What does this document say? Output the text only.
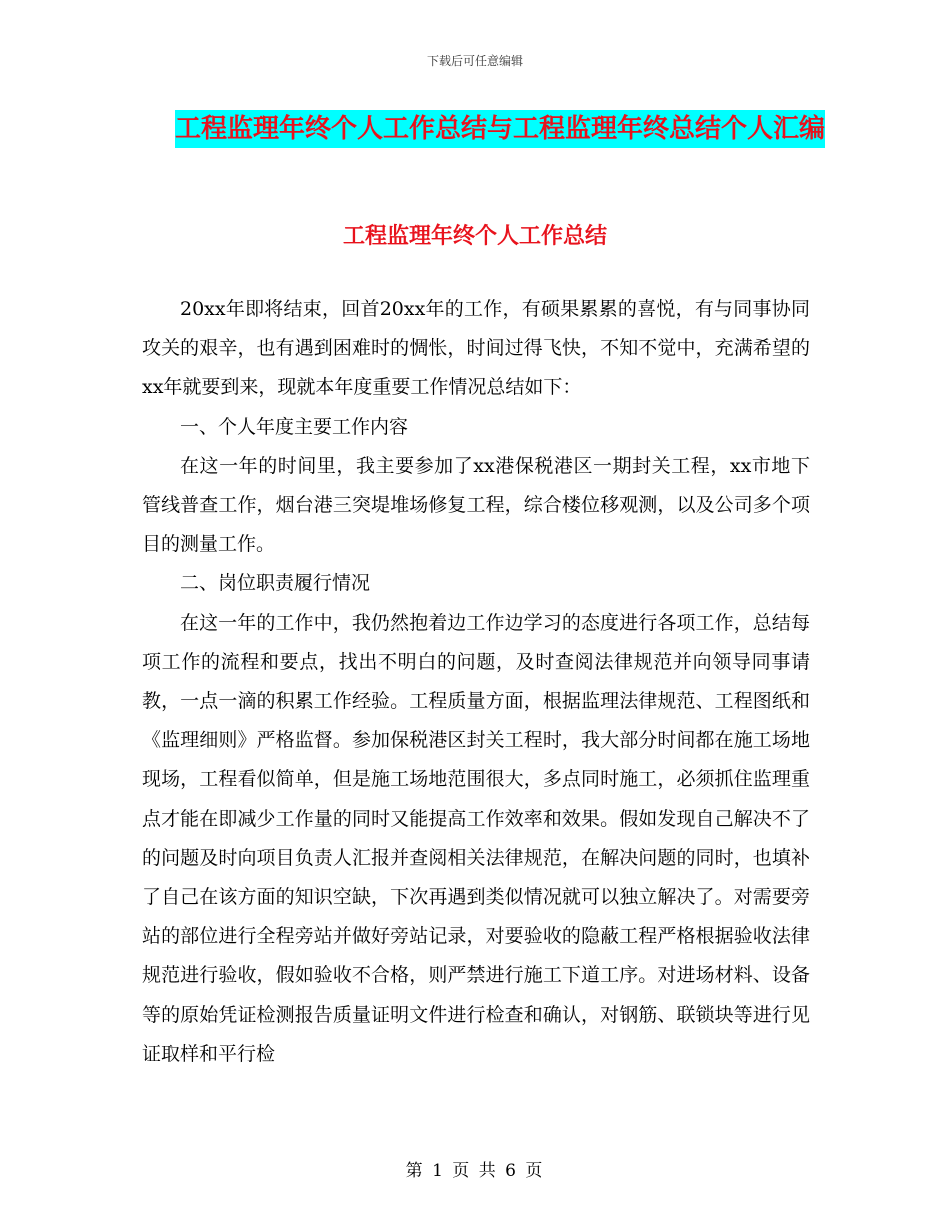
下载后可任意编辑
工程监理年终个人工作总结与工程监理年终总结个人汇编
工程监理年终个人工作总结

20xx年即将结束，回首20xx年的工作，有硕果累累的喜悦，有与同事协同攻关的艰辛，也有遇到困难时的惆怅，时间过得飞快，不知不觉中，充满希望的xx年就要到来，现就本年度重要工作情况总结如下：

一、个人年度主要工作内容

在这一年的时间里，我主要参加了xx港保税港区一期封关工程，xx市地下管线普查工作，烟台港三突堤堆场修复工程，综合楼位移观测，以及公司多个项目的测量工作。

二、岗位职责履行情况

在这一年的工作中，我仍然抱着边工作边学习的态度进行各项工作，总结每项工作的流程和要点，找出不明白的问题，及时查阅法律规范并向领导同事请教，一点一滴的积累工作经验。工程质量方面，根据监理法律规范、工程图纸和《监理细则》严格监督。参加保税港区封关工程时，我大部分时间都在施工场地现场，工程看似简单，但是施工场地范围很大，多点同时施工，必须抓住监理重点才能在即减少工作量的同时又能提高工作效率和效果。假如发现自己解决不了的问题及时向项目负责人汇报并查阅相关法律规范，在解决问题的同时，也填补了自己在该方面的知识空缺，下次再遇到类似情况就可以独立解决了。对需要旁站的部位进行全程旁站并做好旁站记录，对要验收的隐蔽工程严格根据验收法律规范进行验收，假如验收不合格，则严禁进行施工下道工序。对进场材料、设备等的原始凭证检测报告质量证明文件进行检查和确认，对钢筋、联锁块等进行见证取样和平行检

第 1 页 共 6 页
